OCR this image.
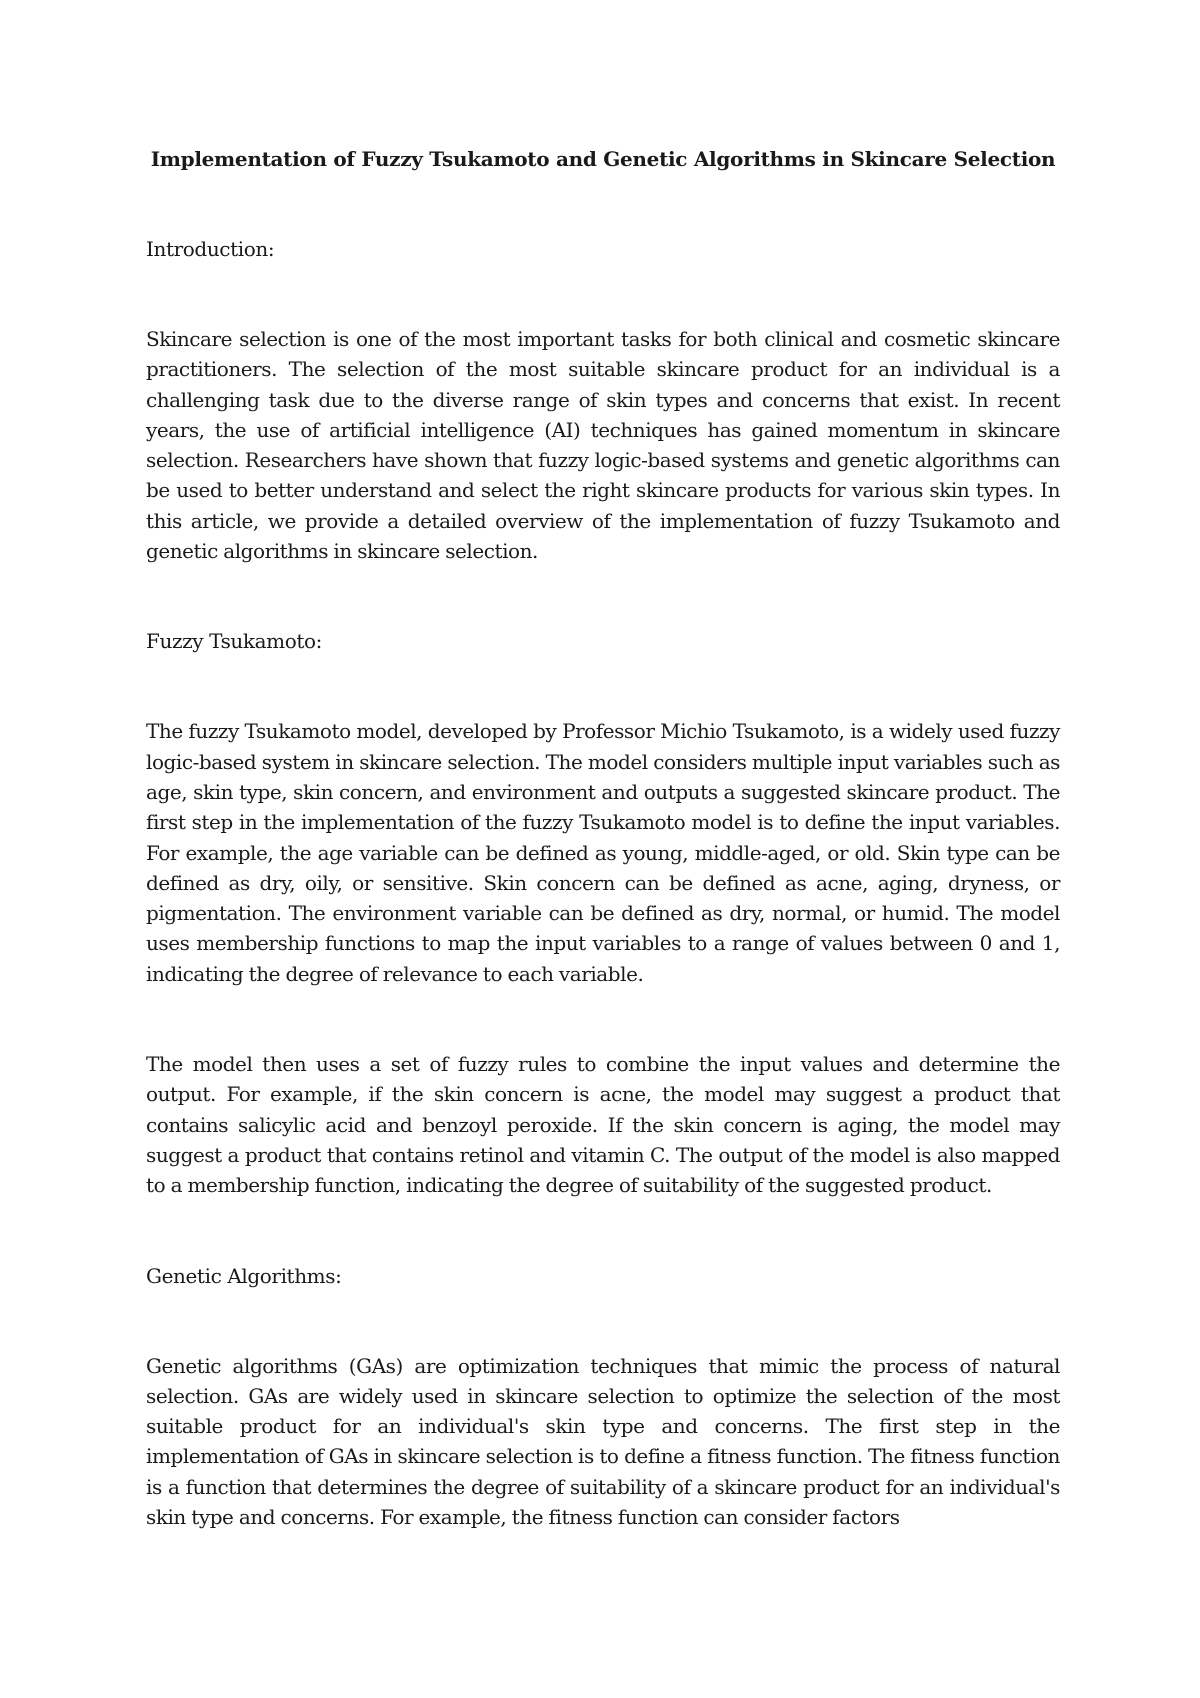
Implementation of Fuzzy Tsukamoto and Genetic Algorithms in Skincare Selection
Introduction:

Skincare selection is one of the most important tasks for both clinical and cosmetic skincare practitioners. The selection of the most suitable skincare product for an individual is a challenging task due to the diverse range of skin types and concerns that exist. In recent years, the use of artificial intelligence (AI) techniques has gained momentum in skincare selection. Researchers have shown that fuzzy logic-based systems and genetic algorithms can be used to better understand and select the right skincare products for various skin types. In this article, we provide a detailed overview of the implementation of fuzzy Tsukamoto and genetic algorithms in skincare selection.

Fuzzy Tsukamoto:

The fuzzy Tsukamoto model, developed by Professor Michio Tsukamoto, is a widely used fuzzy logic-based system in skincare selection. The model considers multiple input variables such as age, skin type, skin concern, and environment and outputs a suggested skincare product. The first step in the implementation of the fuzzy Tsukamoto model is to define the input variables. For example, the age variable can be defined as young, middle-aged, or old. Skin type can be defined as dry, oily, or sensitive. Skin concern can be defined as acne, aging, dryness, or pigmentation. The environment variable can be defined as dry, normal, or humid. The model uses membership functions to map the input variables to a range of values between 0 and 1, indicating the degree of relevance to each variable.

The model then uses a set of fuzzy rules to combine the input values and determine the output. For example, if the skin concern is acne, the model may suggest a product that contains salicylic acid and benzoyl peroxide. If the skin concern is aging, the model may suggest a product that contains retinol and vitamin C. The output of the model is also mapped to a membership function, indicating the degree of suitability of the suggested product.

Genetic Algorithms:

Genetic algorithms (GAs) are optimization techniques that mimic the process of natural selection. GAs are widely used in skincare selection to optimize the selection of the most suitable product for an individual's skin type and concerns. The first step in the implementation of GAs in skincare selection is to define a fitness function. The fitness function is a function that determines the degree of suitability of a skincare product for an individual's skin type and concerns. For example, the fitness function can consider factors
